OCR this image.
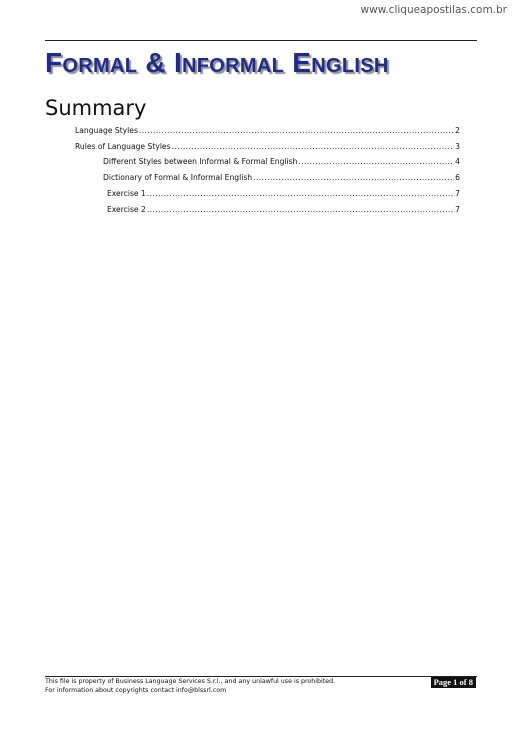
www.cliqueapostilas.com.br
FORMAL & INFORMAL ENGLISH
Summary
Language Styles .....	2
Rules of Language Styles .....	3
Different Styles between Informal & Formal English .....	4
Dictionary of Formal & Informal English .....	6
Exercise 1 .....	7
Exercise 2 .....	7
This file is property of Business Language Services S.r.l., and any unlawful use is prohibited.
For information about copyrights contact info@blssrl.com
Page 1 of 8
